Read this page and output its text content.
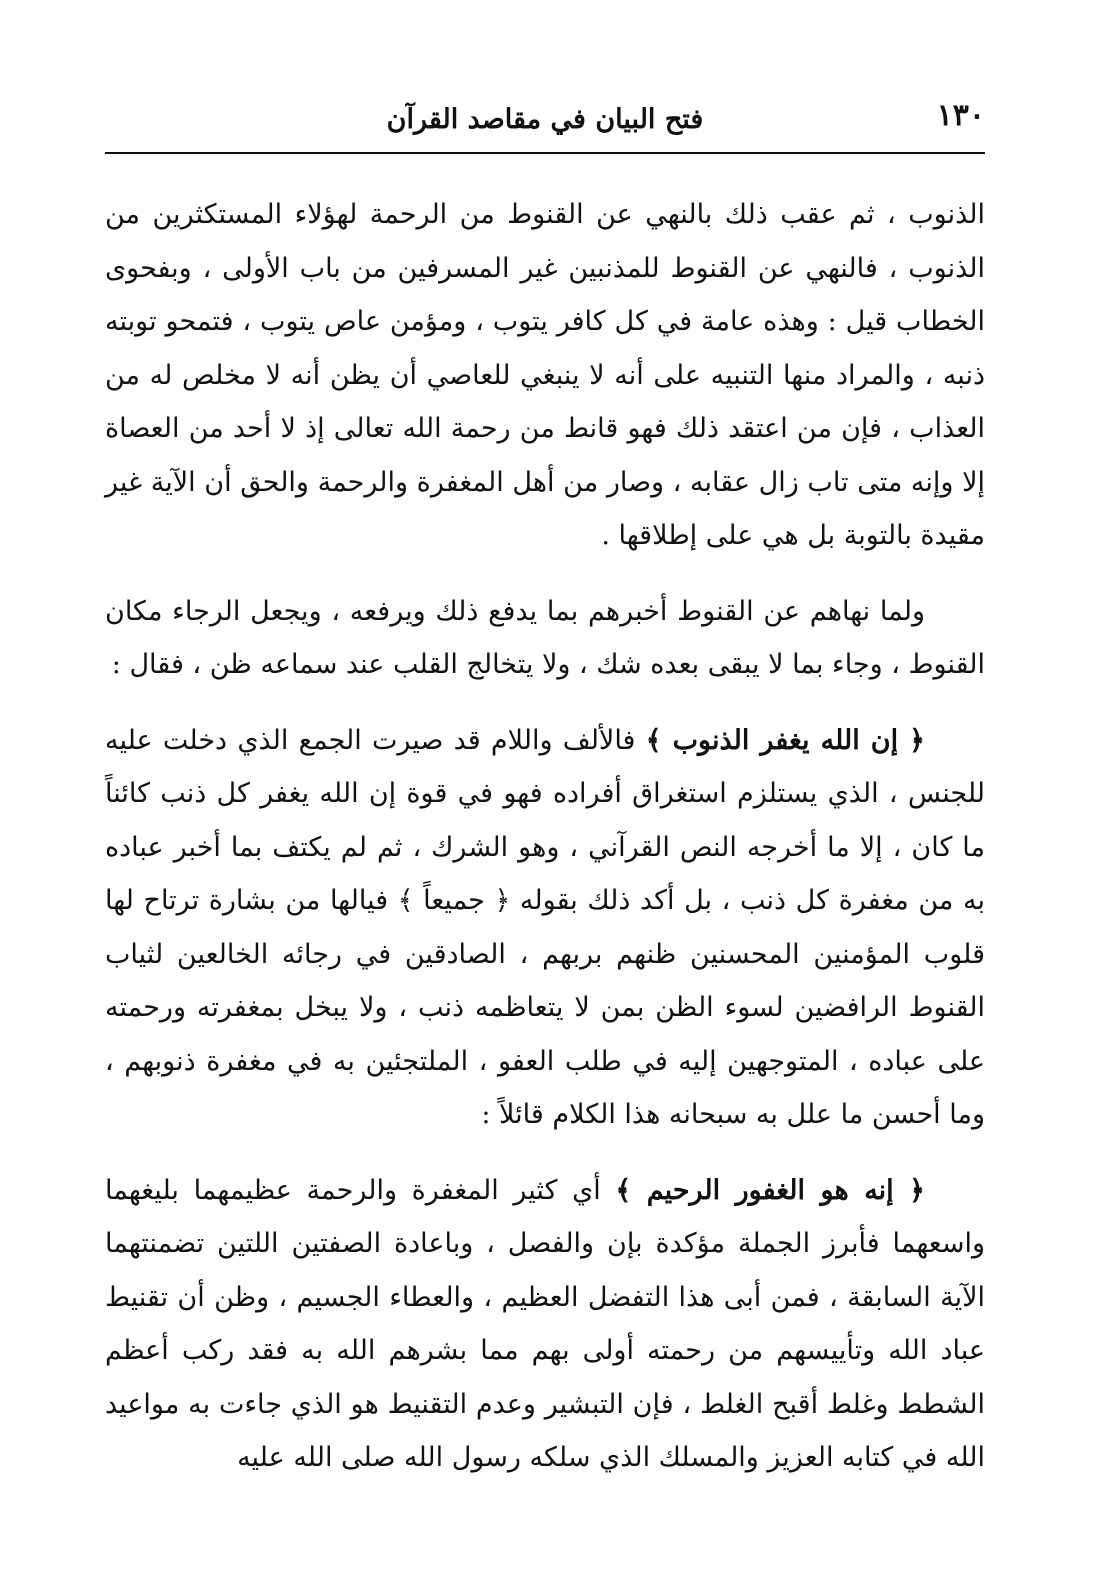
١٣٠
فتح البيان في مقاصد القرآن

الذنوب ، ثم عقب ذلك بالنهي عن القنوط من الرحمة لهؤلاء المستكثرين من الذنوب ، فالنهي عن القنوط للمذنبين غير المسرفين من باب الأولى ، وبفحوى الخطاب قيل : وهذه عامة في كل كافر يتوب ، ومؤمن عاص يتوب ، فتمحو توبته ذنبه ، والمراد منها التنبيه على أنه لا ينبغي للعاصي أن يظن أنه لا مخلص له من العذاب ، فإن من اعتقد ذلك فهو قانط من رحمة الله تعالى إذ لا أحد من العصاة إلا وإنه متى تاب زال عقابه ، وصار من أهل المغفرة والرحمة والحق أن الآية غير مقيدة بالتوبة بل هي على إطلاقها .

ولما نهاهم عن القنوط أخبرهم بما يدفع ذلك ويرفعه ، ويجعل الرجاء مكان القنوط ، وجاء بما لا يبقى بعده شك ، ولا يتخالج القلب عند سماعه ظن ، فقال :

﴿ إن الله يغفر الذنوب ﴾ فالألف واللام قد صيرت الجمع الذي دخلت عليه للجنس ، الذي يستلزم استغراق أفراده فهو في قوة إن الله يغفر كل ذنب كائناً ما كان ، إلا ما أخرجه النص القرآني ، وهو الشرك ، ثم لم يكتف بما أخبر عباده به من مغفرة كل ذنب ، بل أكد ذلك بقوله ﴿ جميعاً ﴾ فيالها من بشارة ترتاح لها قلوب المؤمنين المحسنين ظنهم بربهم ، الصادقين في رجائه الخالعين لثياب القنوط الرافضين لسوء الظن بمن لا يتعاظمه ذنب ، ولا يبخل بمغفرته ورحمته على عباده ، المتوجهين إليه في طلب العفو ، الملتجئين به في مغفرة ذنوبهم ، وما أحسن ما علل به سبحانه هذا الكلام قائلاً :

﴿ إنه هو الغفور الرحيم ﴾ أي كثير المغفرة والرحمة عظيمهما بليغهما واسعهما فأبرز الجملة مؤكدة بإن والفصل ، وباعادة الصفتين اللتين تضمنتهما الآية السابقة ، فمن أبى هذا التفضل العظيم ، والعطاء الجسيم ، وظن أن تقنيط عباد الله وتأييسهم من رحمته أولى بهم مما بشرهم الله به فقد ركب أعظم الشطط وغلط أقبح الغلط ، فإن التبشير وعدم التقنيط هو الذي جاءت به مواعيد الله في كتابه العزيز والمسلك الذي سلكه رسول الله صلى الله عليه
